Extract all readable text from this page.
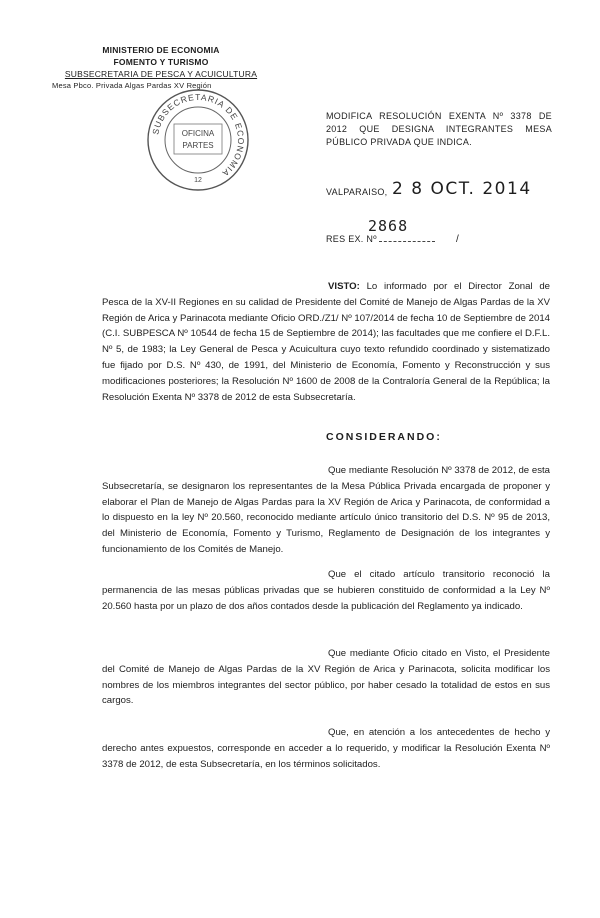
MINISTERIO DE ECONOMIA
FOMENTO Y TURISMO
SUBSECRETARIA DE PESCA Y ACUICULTURA
Mesa Pbco. Privada Algas Pardas XV Región
SUBSECRETARIA DE ECONOMIA
OFICINA
PARTES
12
MODIFICA RESOLUCIÓN EXENTA Nº 3378 DE 2012 QUE DESIGNA INTEGRANTES MESA PÚBLICO PRIVADA QUE INDICA.
VALPARAISO, 2 8 OCT. 2014
RES EX. Nº
2868
/
VISTO: Lo informado por el Director Zonal de Pesca de la XV-II Regiones en su calidad de Presidente del Comité de Manejo de Algas Pardas de la XV Región de Arica y Parinacota mediante Oficio ORD./Z1/ Nº 107/2014 de fecha 10 de Septiembre de 2014 (C.I. SUBPESCA Nº 10544 de fecha 15 de Septiembre de 2014); las facultades que me confiere el D.F.L. Nº 5, de 1983; la Ley General de Pesca y Acuicultura cuyo texto refundido coordinado y sistematizado fue fijado por D.S. Nº 430, de 1991, del Ministerio de Economía, Fomento y Reconstrucción y sus modificaciones posteriores; la Resolución Nº 1600 de 2008 de la Contraloría General de la República; la Resolución Exenta Nº 3378 de 2012 de esta Subsecretaría.
CONSIDERANDO:
Que mediante Resolución Nº 3378 de 2012, de esta Subsecretaría, se designaron los representantes de la Mesa Pública Privada encargada de proponer y elaborar el Plan de Manejo de Algas Pardas para la XV Región de Arica y Parinacota, de conformidad a lo dispuesto en la ley Nº 20.560, reconocido mediante artículo único transitorio del D.S. Nº 95 de 2013, del Ministerio de Economía, Fomento y Turismo, Reglamento de Designación de los integrantes y funcionamiento de los Comités de Manejo.
Que el citado artículo transitorio reconoció la permanencia de las mesas públicas privadas que se hubieren constituido de conformidad a la Ley Nº 20.560 hasta por un plazo de dos años contados desde la publicación del Reglamento ya indicado.
Que mediante Oficio citado en Visto, el Presidente del Comité de Manejo de Algas Pardas de la XV Región de Arica y Parinacota, solicita modificar los nombres de los miembros integrantes del sector público, por haber cesado la totalidad de estos en sus cargos.
Que, en atención a los antecedentes de hecho y derecho antes expuestos, corresponde en acceder a lo requerido, y modificar la Resolución Exenta Nº 3378 de 2012, de esta Subsecretaría, en los términos solicitados.
